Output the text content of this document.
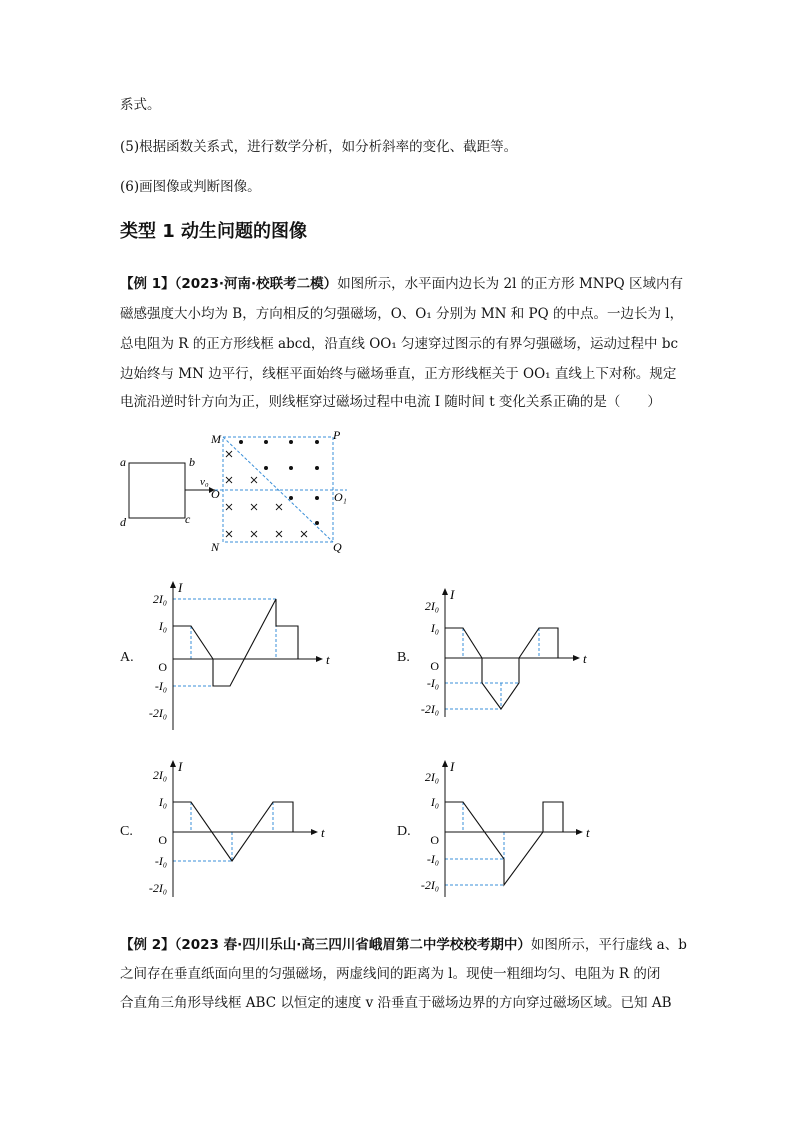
系式。
(5)根据函数关系式，进行数学分析，如分析斜率的变化、截距等。
(6)画图像或判断图像。
类型 1 动生问题的图像
【例 1】（2023·河南·校联考二模）如图所示，水平面内边长为 2l 的正方形 MNPQ 区域内有
磁感强度大小均为 B，方向相反的匀强磁场，O、O₁ 分别为 MN 和 PQ 的中点。一边长为 l，
总电阻为 R 的正方形线框 abcd，沿直线 OO₁ 匀速穿过图示的有界匀强磁场，运动过程中 bc
边始终与 MN 边平行，线框平面始终与磁场垂直，正方形线框关于 OO₁ 直线上下对称。规定
电流沿逆时针方向为正，则线框穿过磁场过程中电流 I 随时间 t 变化关系正确的是（　　）
a	b
d	c
v₀
M
N
P
Q
O	O₁
A.	B.
C.	D.
I
t
2I₀
I₀
O
-I₀
-2I₀
I
t
2I₀
I₀
O
-I₀
-2I₀
I
t
2I₀
I₀
O
-I₀
-2I₀
I
t
2I₀
I₀
O
-I₀
-2I₀
【例 2】（2023 春·四川乐山·高三四川省峨眉第二中学校校考期中）如图所示，平行虚线 a、b
之间存在垂直纸面向里的匀强磁场，两虚线间的距离为 l。现使一粗细均匀、电阻为 R 的闭
合直角三角形导线框 ABC 以恒定的速度 v 沿垂直于磁场边界的方向穿过磁场区域。已知 AB
